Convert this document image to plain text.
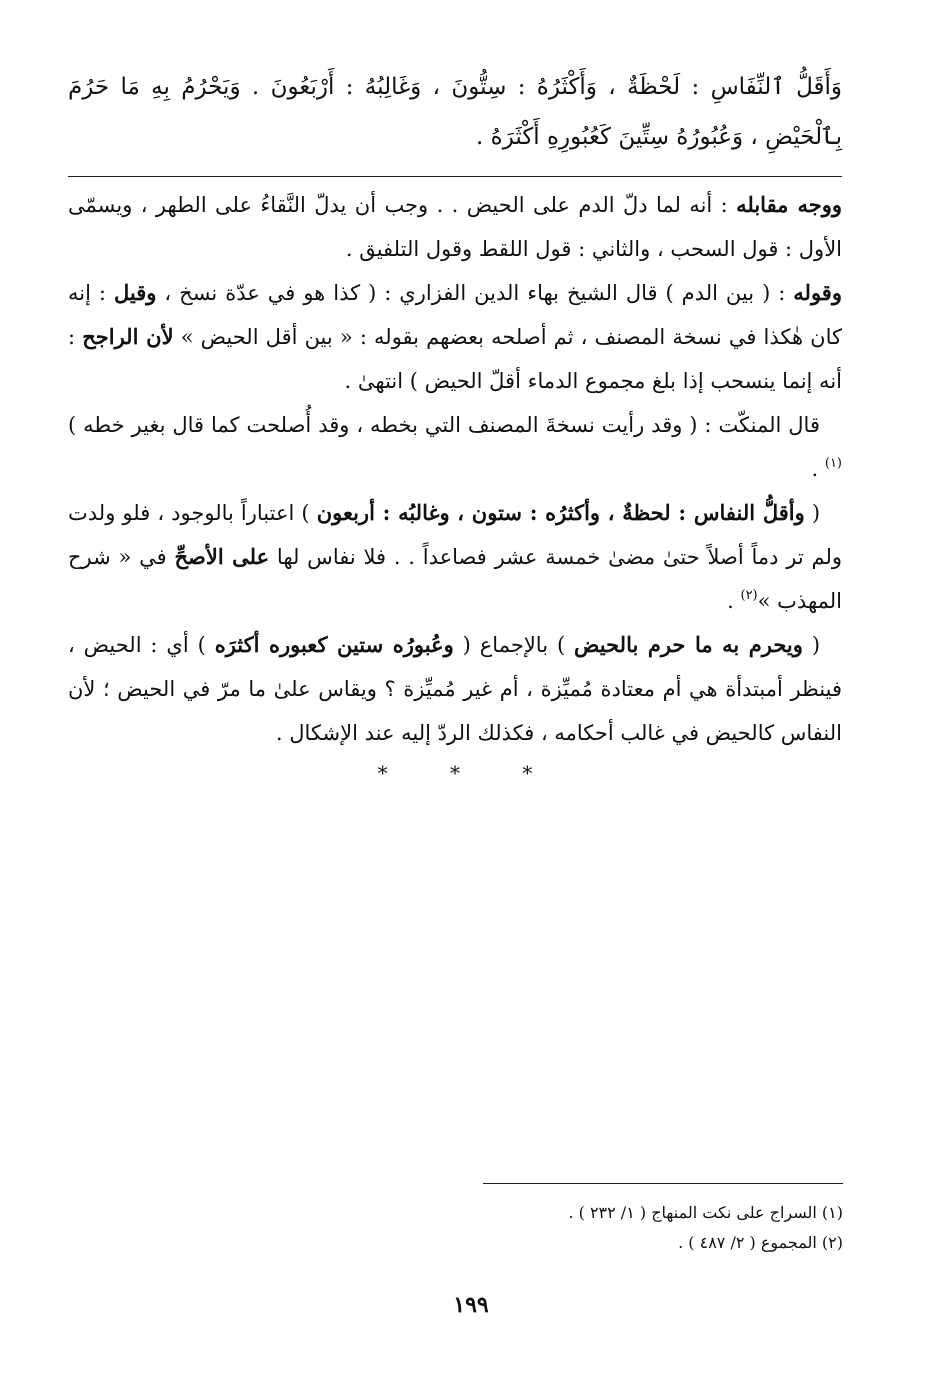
وَأَقَلُّ ٱلنِّفَاسِ : لَحْظَةٌ ، وَأَكْثَرُهُ : سِتُّونَ ، وَغَالِبُهُ : أَرْبَعُونَ . وَيَحْرُمُ بِهِ مَا حَرُمَ بِٱلْحَيْضِ ، وَعُبُورُهُ سِتِّينَ كَعُبُورِهِ أَكْثَرَهُ .

ووجه مقابله : أنه لما دلّ الدم على الحيض . . وجب أن يدلّ النَّقاءُ على الطهر ، ويسمّى الأول : قول السحب ، والثاني : قول اللقط وقول التلفيق .

وقوله : ( بين الدم ) قال الشيخ بهاء الدين الفزاري : ( كذا هو في عدّة نسخ ، وقيل : إنه كان هٰكذا في نسخة المصنف ، ثم أصلحه بعضهم بقوله : « بين أقل الحيض » لأن الراجح : أنه إنما ينسحب إذا بلغ مجموع الدماء أقلّ الحيض ) انتهىٰ .

قال المنكّت : ( وقد رأيت نسخةَ المصنف التي بخطه ، وقد أُصلحت كما قال بغير خطه )$^{(١)}$ .

( وأقلُّ النفاس : لحظةٌ ، وأكثرُه : ستون ، وغالبُه : أربعون ) اعتباراً بالوجود ، فلو ولدت ولم تر دماً أصلاً حتىٰ مضىٰ خمسة عشر فصاعداً . . فلا نفاس لها على الأصحِّ في « شرح المهذب »$^{(٢)}$ .

( ويحرم به ما حرم بالحيض ) بالإجماع ( وعُبورُه ستين كعبوره أكثرَه ) أي : الحيض ، فينظر أمبتدأة هي أم معتادة مُميِّزة ، أم غير مُميِّزة ؟ ويقاس علىٰ ما مرّ في الحيض ؛ لأن النفاس كالحيض في غالب أحكامه ، فكذلك الردّ إليه عند الإشكال .

* * *
(١) السراج على نكت المنهاج ( ١/ ٢٣٢ ) .
(٢) المجموع ( ٢/ ٤٨٧ ) .
١٩٩
